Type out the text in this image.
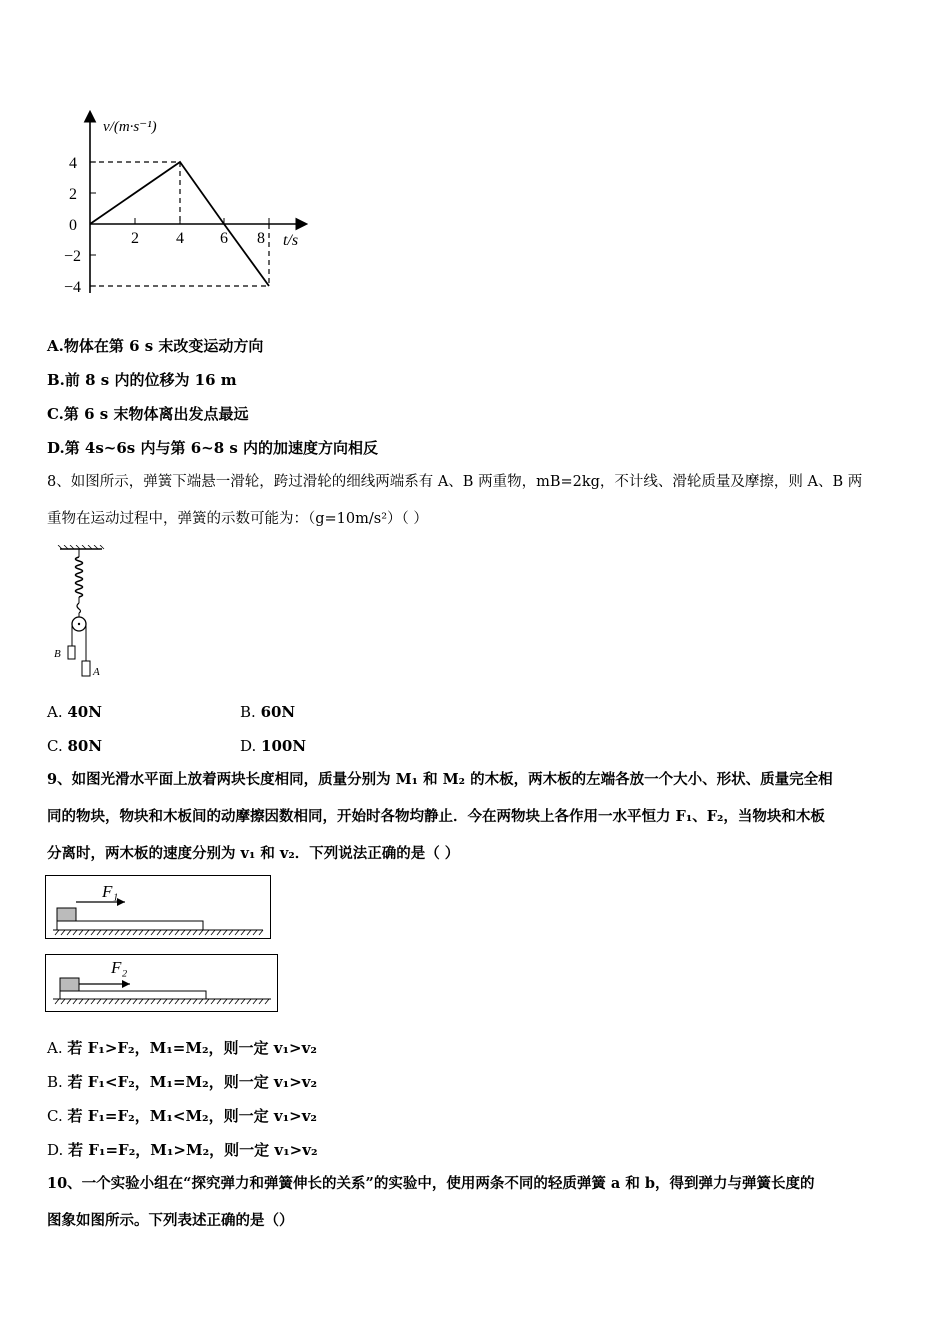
v/(m·s⁻¹)
t/s
4
2
0
−2
−4
2 4 6 8
A.物体在第 6 s 末改变运动方向
B.前 8 s 内的位移为 16 m
C.第 6 s 末物体离出发点最远
D.第 4s~6s 内与第 6~8 s 内的加速度方向相反
8、如图所示，弹簧下端悬一滑轮，跨过滑轮的细线两端系有 A、B 两重物，mB=2kg，不计线、滑轮质量及摩擦，则 A、B 两
重物在运动过程中，弹簧的示数可能为：（g=10m/s²）（ ）
B
A
A. 40N	B. 60N
C. 80N	D. 100N
9、如图光滑水平面上放着两块长度相同，质量分别为 M₁ 和 M₂ 的木板，两木板的左端各放一个大小、形状、质量完全相
同的物块，物块和木板间的动摩擦因数相同，开始时各物均静止．今在两物块上各作用一水平恒力 F₁、F₂，当物块和木板
分离时，两木板的速度分别为 v₁ 和 v₂．下列说法正确的是（ ）
F₁
F₂
A. 若 F₁>F₂，M₁=M₂，则一定 v₁>v₂
B. 若 F₁<F₂，M₁=M₂，则一定 v₁>v₂
C. 若 F₁=F₂，M₁<M₂，则一定 v₁>v₂
D. 若 F₁=F₂，M₁>M₂，则一定 v₁>v₂
10、一个实验小组在“探究弹力和弹簧伸长的关系”的实验中，使用两条不同的轻质弹簧 a 和 b，得到弹力与弹簧长度的
图象如图所示。下列表述正确的是（）
